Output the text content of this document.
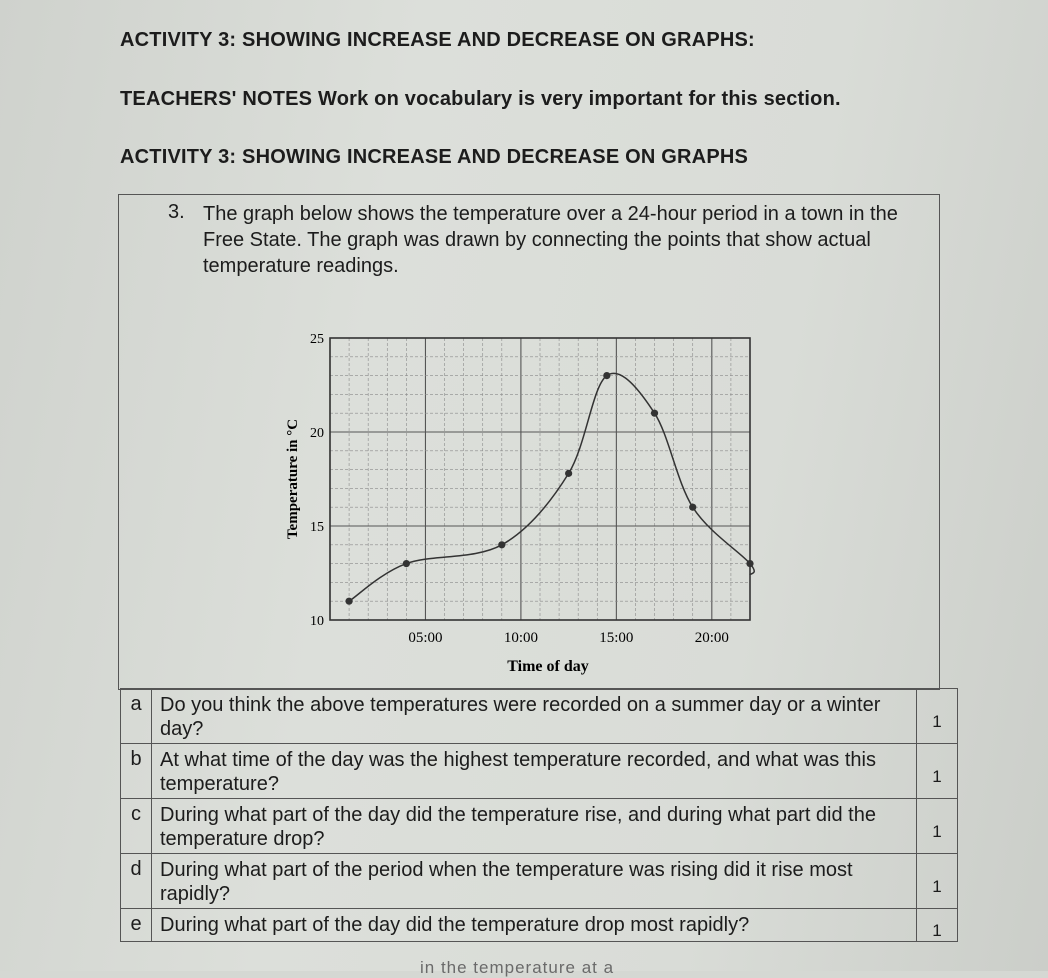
ACTIVITY 3: SHOWING INCREASE AND DECREASE ON GRAPHS:
TEACHERS' NOTES Work on vocabulary is very important for this section.
ACTIVITY 3: SHOWING INCREASE AND DECREASE ON GRAPHS
3. The graph below shows the temperature over a 24-hour period in a town in the Free State. The graph was drawn by connecting the points that show actual temperature readings.
10
15
20
25
05:00	10:00	15:00	20:00
Time of day
Temperature in °C
a	Do you think the above temperatures were recorded on a summer day or a winter day?	1
b	At what time of the day was the highest temperature recorded, and what was this temperature?	1
c	During what part of the day did the temperature rise, and during what part did the temperature drop?	1
d	During what part of the period when the temperature was rising did it rise most rapidly?	1
e	During what part of the day did the temperature drop most rapidly?	1
in the temperature at a
